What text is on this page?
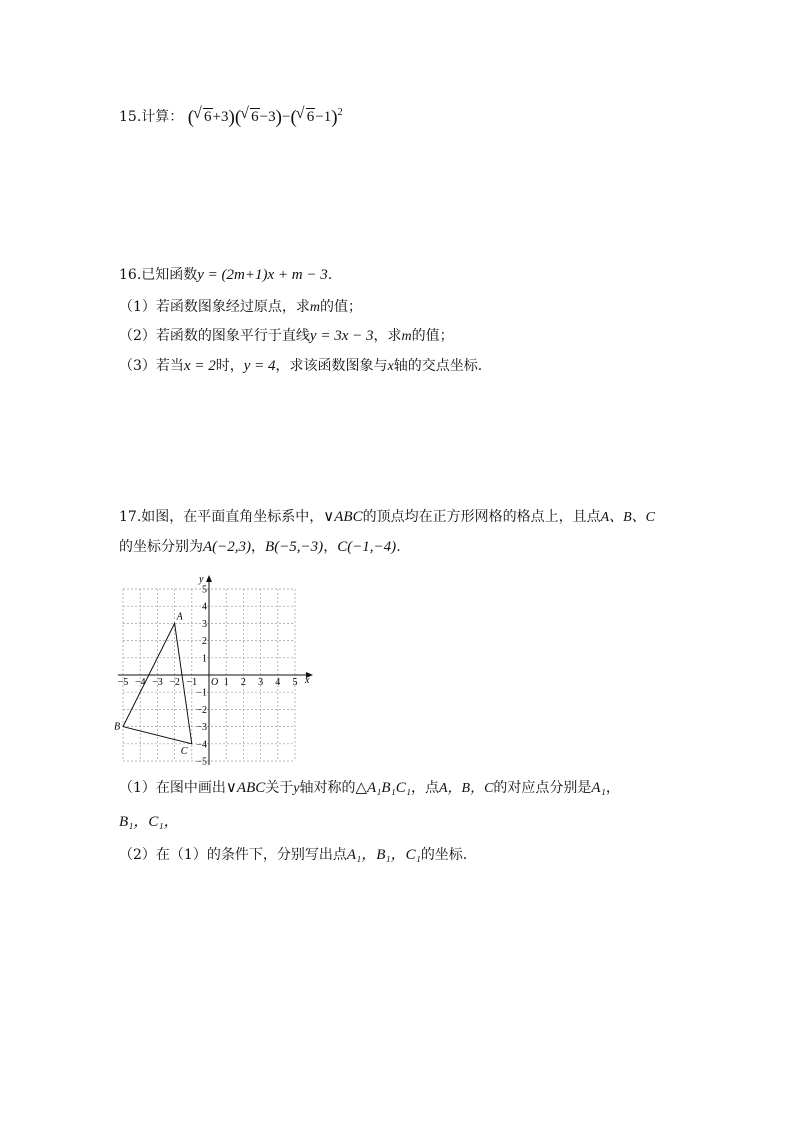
15.计算： ( √ 6+3)( √ 6−3)−( √ 6−1)$^2$
16.已知函数y = (2m+1)x + m − 3.
（1）若函数图象经过原点，求m的值；
（2）若函数的图象平行于直线y = 3x − 3，求m的值；
（3）若当x = 2时，y = 4，求该函数图象与x轴的交点坐标.
17.如图，在平面直角坐标系中，∨ABC的顶点均在正方形网格的格点上，且点A、B、C
的坐标分别为A(−2,3)，B(−5,−3)，C(−1,−4).
−5 −4 −3 −2 −1	1 2 3 4 5
5
4
3
2
1
−1
−2
−3
−4
−5
A
B
C
x
y
O
（1）在图中画出∨ABC关于y轴对称的△A₁B₁C₁，点A，B，C的对应点分别是A₁，
B₁，C₁，
（2）在（1）的条件下，分别写出点A₁，B₁，C₁的坐标.
